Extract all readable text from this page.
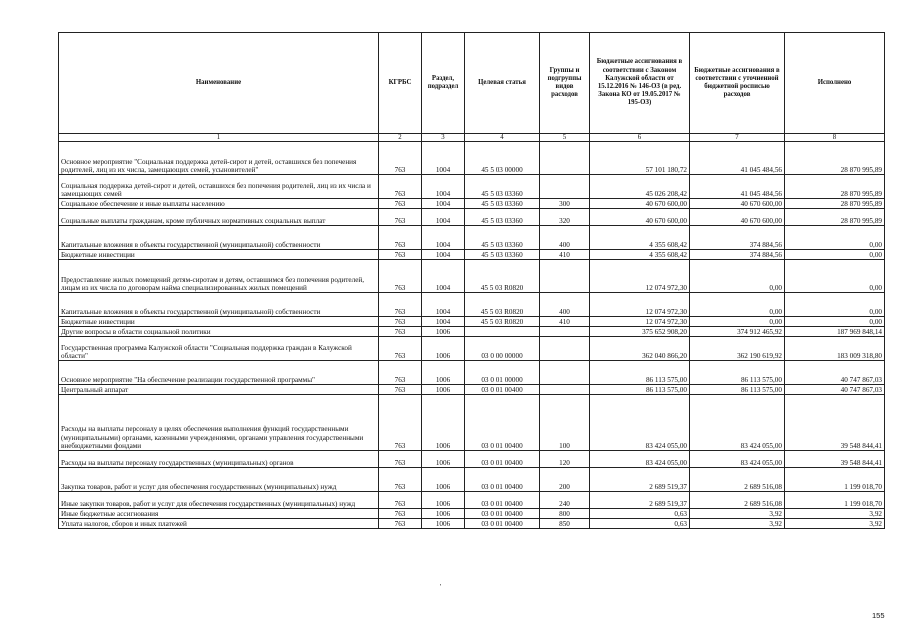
Наименование	КГРБС	Раздел, подраздел	Целевая статья	Группы и подгруппы видов расходов	Бюджетные ассигнования в соответствии с Законом Калужской области от 15.12.2016 № 146-ОЗ (в ред. Закона КО от 19.05.2017 № 195-ОЗ)	Бюджетные ассигнования в соответствии с уточненной бюджетной росписью расходов	Исполнено
1	2	3	4	5	6	7	8
Основное мероприятие "Социальная поддержка детей-сирот и детей, оставшихся без попечения родителей, лиц из их числа, замещающих семей, усыновителей"	763	1004	45 5 03 00000		57 101 180,72	41 045 484,56	28 870 995,89
Социальная поддержка детей-сирот и детей, оставшихся без попечения родителей, лиц из их числа и замещающих семей	763	1004	45 5 03 03360		45 026 208,42	41 045 484,56	28 870 995,89
Социальное обеспечение и иные выплаты населению	763	1004	45 5 03 03360	300	40 670 600,00	40 670 600,00	28 870 995,89
Социальные выплаты гражданам, кроме публичных нормативных социальных выплат	763	1004	45 5 03 03360	320	40 670 600,00	40 670 600,00	28 870 995,89
Капитальные вложения в объекты государственной (муниципальной) собственности	763	1004	45 5 03 03360	400	4 355 608,42	374 884,56	0,00
Бюджетные инвестиции	763	1004	45 5 03 03360	410	4 355 608,42	374 884,56	0,00
Предоставление жилых помещений детям-сиротам и детям, оставшимся без попечения родителей, лицам из их числа по договорам найма специализированных жилых помещений	763	1004	45 5 03 R0820		12 074 972,30	0,00	0,00
Капитальные вложения в объекты государственной (муниципальной) собственности	763	1004	45 5 03 R0820	400	12 074 972,30	0,00	0,00
Бюджетные инвестиции	763	1004	45 5 03 R0820	410	12 074 972,30	0,00	0,00
Другие вопросы в области социальной политики	763	1006			375 652 908,20	374 912 465,92	187 969 848,14
Государственная программа Калужской области "Социальная поддержка граждан в Калужской области"	763	1006	03 0 00 00000		362 040 866,20	362 190 619,92	183 009 318,80
Основное мероприятие "На обеспечение реализации государственной программы"	763	1006	03 0 01 00000		86 113 575,00	86 113 575,00	40 747 867,03
Центральный аппарат	763	1006	03 0 01 00400		86 113 575,00	86 113 575,00	40 747 867,03
Расходы на выплаты персоналу в целях обеспечения выполнения функций государственными (муниципальными) органами, казенными учреждениями, органами управления государственными внебюджетными фондами	763	1006	03 0 01 00400	100	83 424 055,00	83 424 055,00	39 548 844,41
Расходы на выплаты персоналу государственных (муниципальных) органов	763	1006	03 0 01 00400	120	83 424 055,00	83 424 055,00	39 548 844,41
Закупка товаров, работ и услуг для обеспечения государственных (муниципальных) нужд	763	1006	03 0 01 00400	200	2 689 519,37	2 689 516,08	1 199 018,70
Иные закупки товаров, работ и услуг для обеспечения государственных (муниципальных) нужд	763	1006	03 0 01 00400	240	2 689 519,37	2 689 516,08	1 199 018,70
Иные бюджетные ассигнования	763	1006	03 0 01 00400	800	0,63	3,92	3,92
Уплата налогов, сборов и иных платежей	763	1006	03 0 01 00400	850	0,63	3,92	3,92
'
155
